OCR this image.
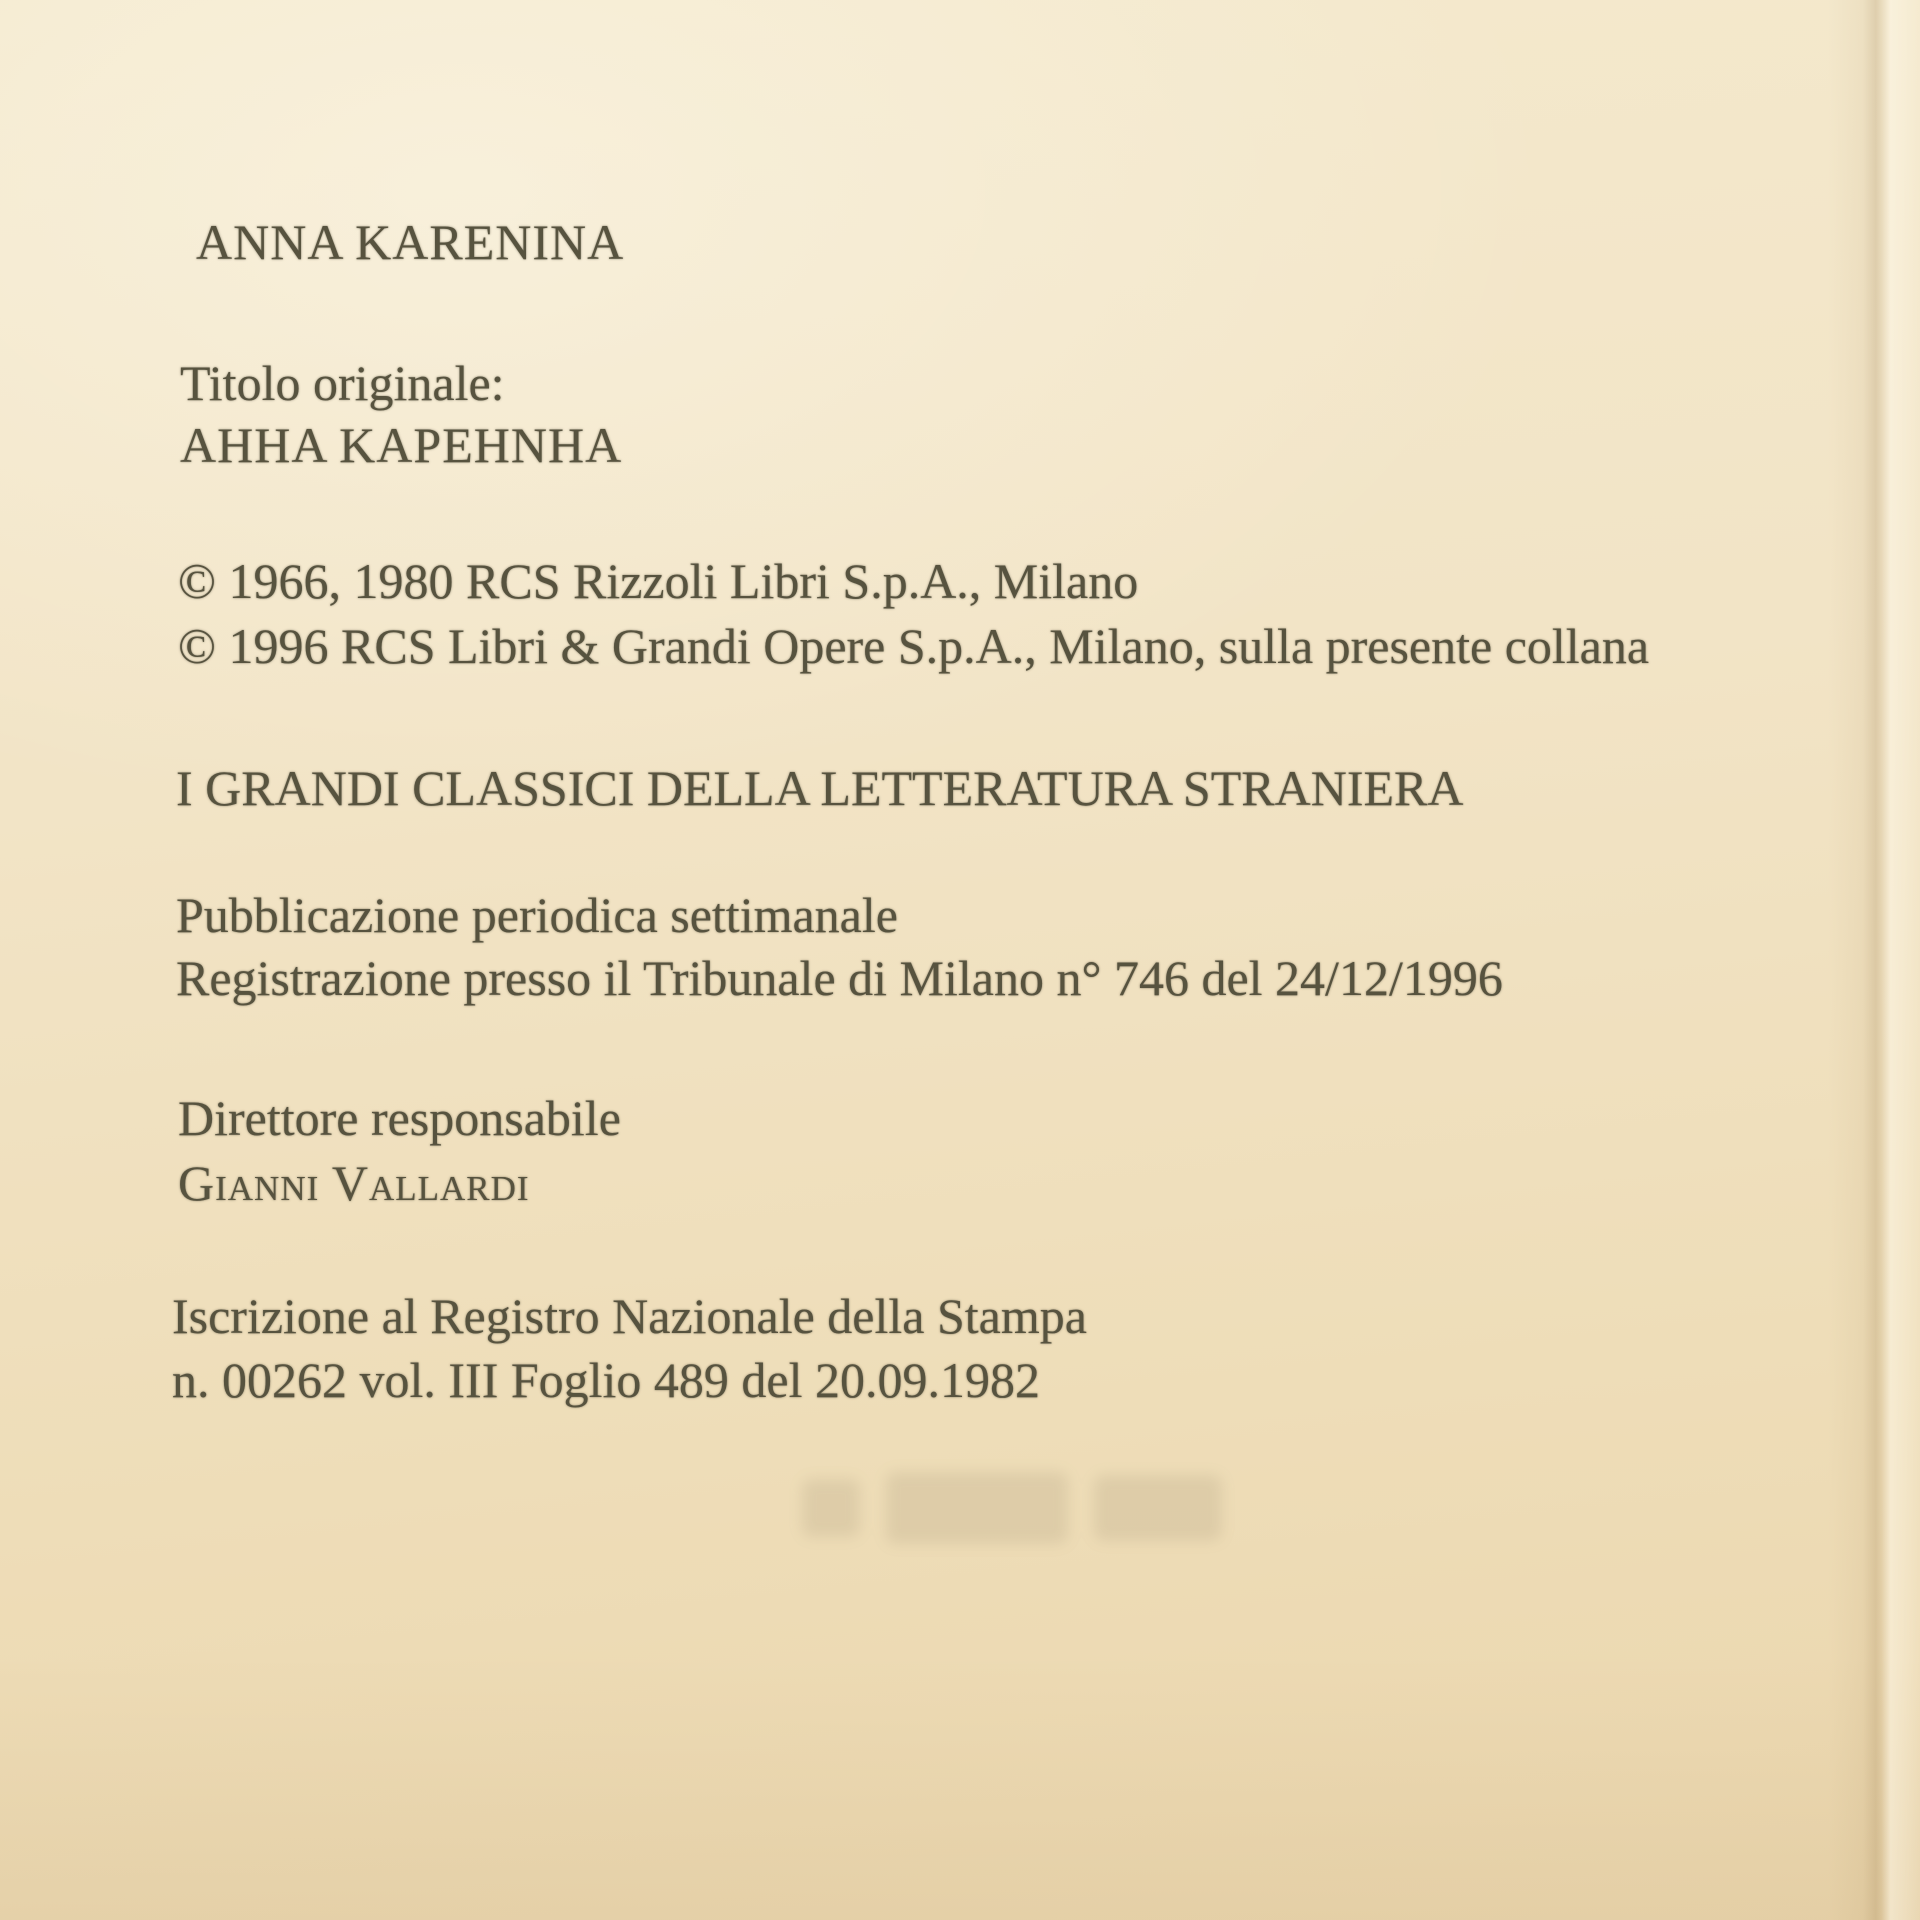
ANNA KARENINA
Titolo originale:
AHHA KAPEHNHA
© 1966, 1980 RCS Rizzoli Libri S.p.A., Milano
© 1996 RCS Libri & Grandi Opere S.p.A., Milano, sulla presente collana
I GRANDI CLASSICI DELLA LETTERATURA STRANIERA
Pubblicazione periodica settimanale
Registrazione presso il Tribunale di Milano n° 746 del 24/12/1996
Direttore responsabile
Gianni Vallardi
Iscrizione al Registro Nazionale della Stampa
n. 00262 vol. III Foglio 489 del 20.09.1982
